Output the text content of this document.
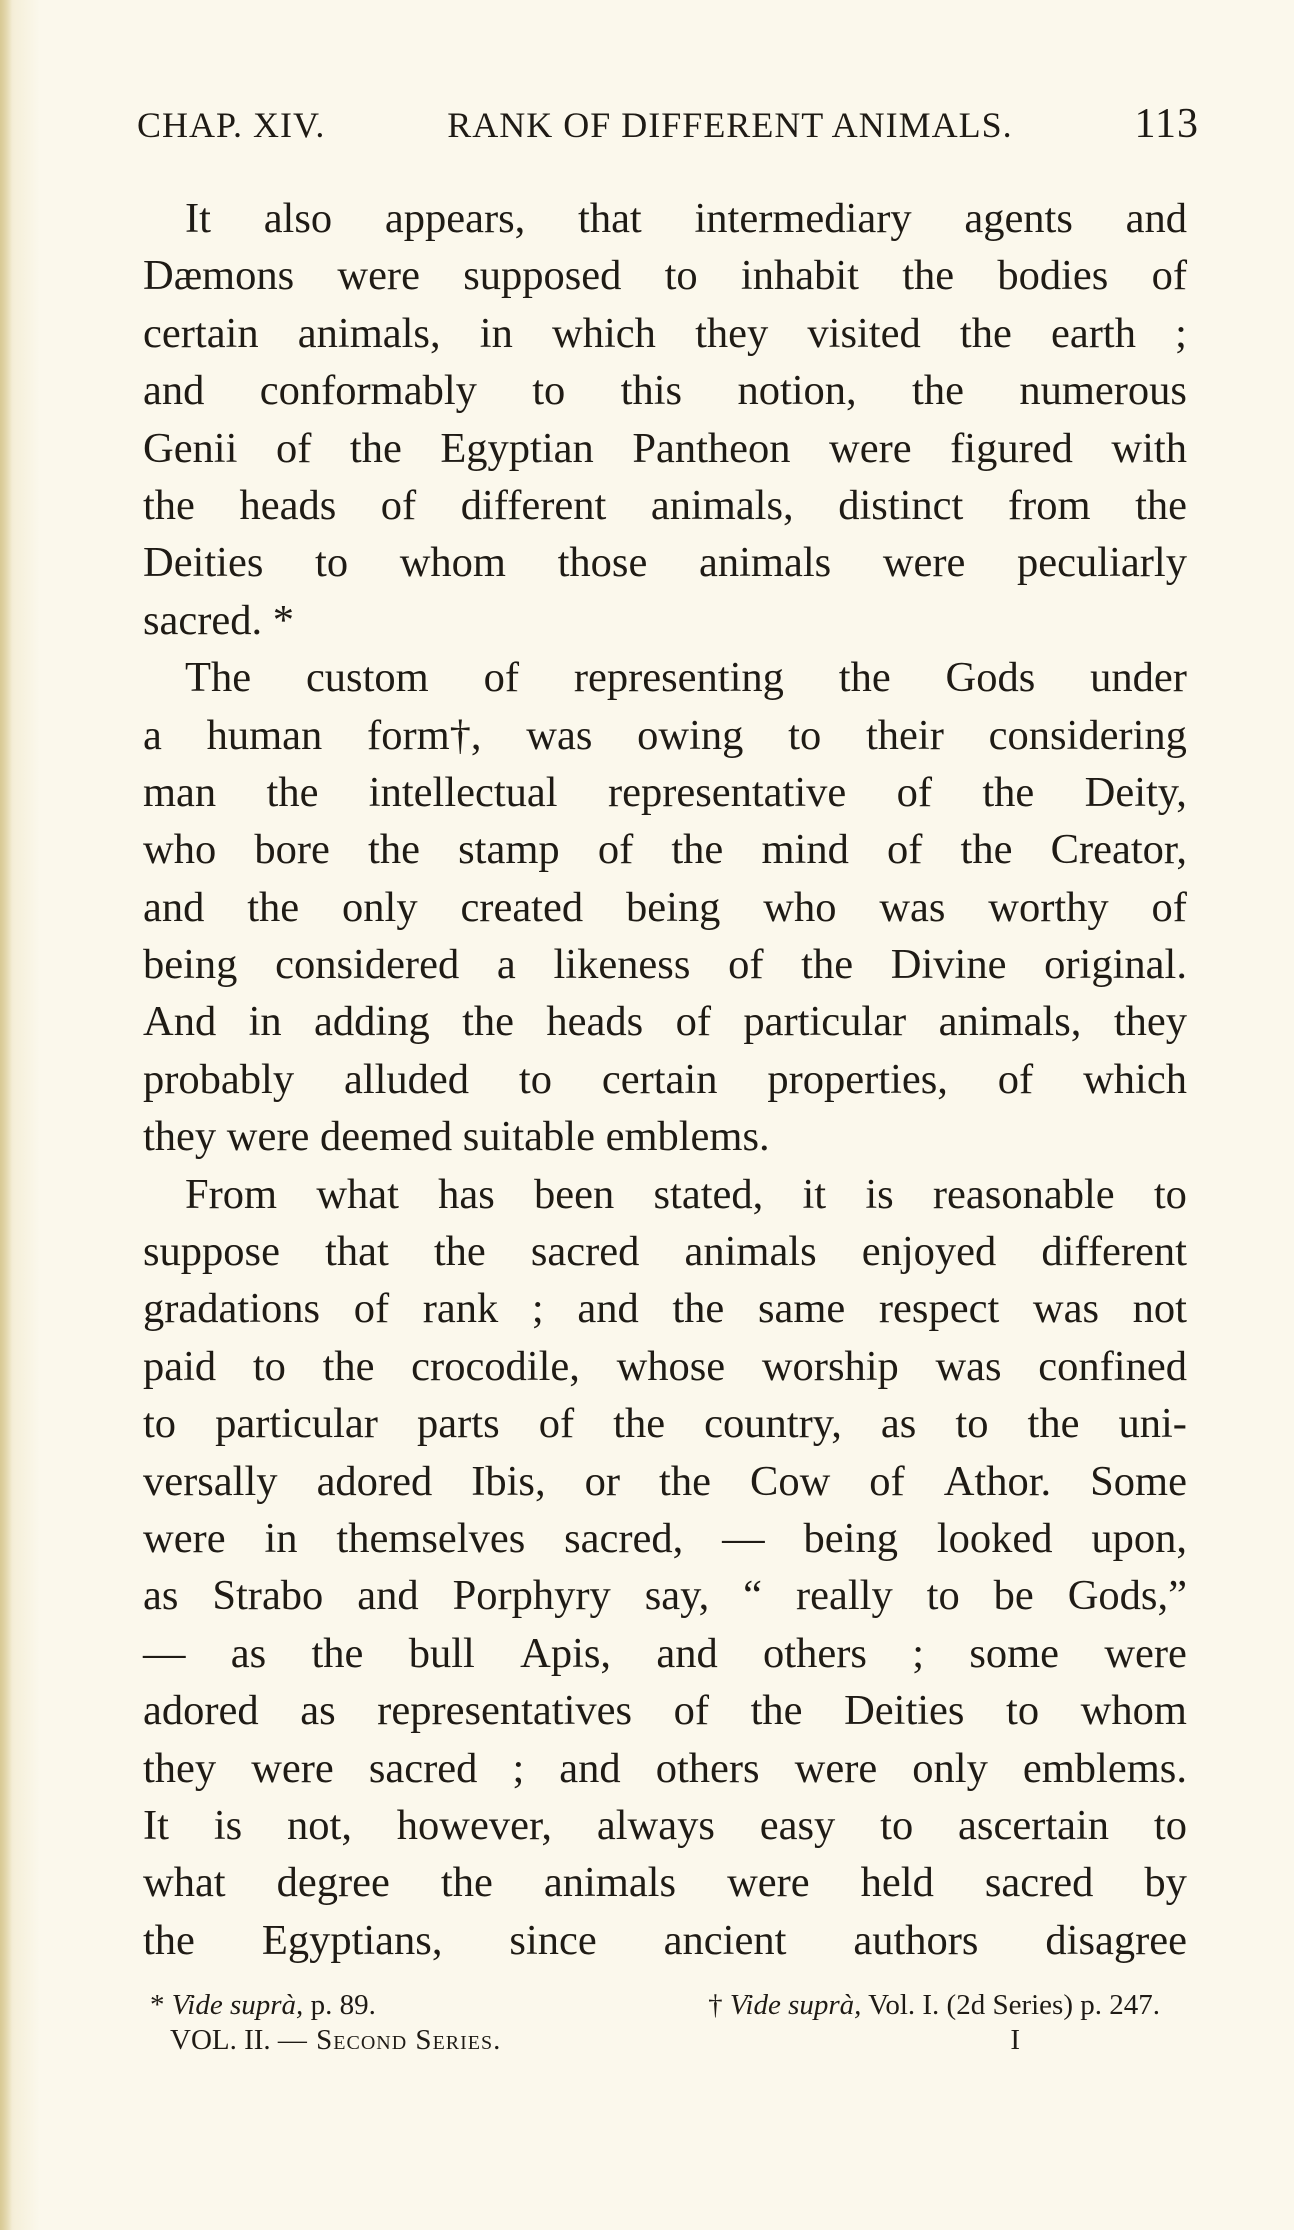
CHAP. XIV.	RANK OF DIFFERENT ANIMALS.	113
It also appears, that intermediary agents and
Dæmons were supposed to inhabit the bodies of
certain animals, in which they visited the earth ;
and conformably to this notion, the numerous
Genii of the Egyptian Pantheon were figured with
the heads of different animals, distinct from the
Deities to whom those animals were peculiarly
sacred. *
The custom of representing the Gods under
a human form†, was owing to their considering
man the intellectual representative of the Deity,
who bore the stamp of the mind of the Creator,
and the only created being who was worthy of
being considered a likeness of the Divine original.
And in adding the heads of particular animals, they
probably alluded to certain properties, of which
they were deemed suitable emblems.
From what has been stated, it is reasonable to
suppose that the sacred animals enjoyed different
gradations of rank ; and the same respect was not
paid to the crocodile, whose worship was confined
to particular parts of the country, as to the uni-
versally adored Ibis, or the Cow of Athor. Some
were in themselves sacred, — being looked upon,
as Strabo and Porphyry say, “ really to be Gods,”
— as the bull Apis, and others ; some were
adored as representatives of the Deities to whom
they were sacred ; and others were only emblems.
It is not, however, always easy to ascertain to
what degree the animals were held sacred by
the Egyptians, since ancient authors disagree
* Vide suprà, p. 89.	† Vide suprà, Vol. I. (2d Series) p. 247.
VOL. II. — Second Series.	I
